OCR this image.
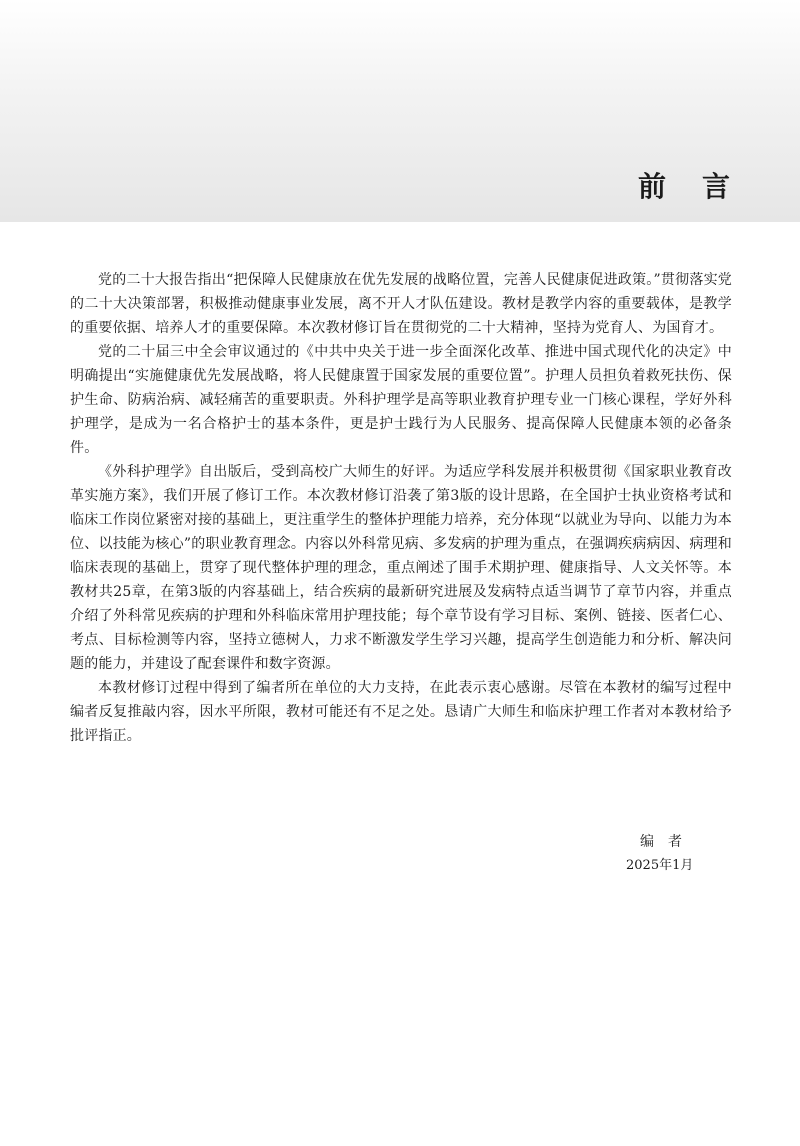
前言

党的二十大报告指出“把保障人民健康放在优先发展的战略位置，完善人民健康促进政策。”贯彻落实党的二十大决策部署，积极推动健康事业发展，离不开人才队伍建设。教材是教学内容的重要载体，是教学的重要依据、培养人才的重要保障。本次教材修订旨在贯彻党的二十大精神，坚持为党育人、为国育才。

党的二十届三中全会审议通过的《中共中央关于进一步全面深化改革、推进中国式现代化的决定》中明确提出“实施健康优先发展战略，将人民健康置于国家发展的重要位置”。护理人员担负着救死扶伤、保护生命、防病治病、减轻痛苦的重要职责。外科护理学是高等职业教育护理专业一门核心课程，学好外科护理学，是成为一名合格护士的基本条件，更是护士践行为人民服务、提高保障人民健康本领的必备条件。

《外科护理学》自出版后，受到高校广大师生的好评。为适应学科发展并积极贯彻《国家职业教育改革实施方案》，我们开展了修订工作。本次教材修订沿袭了第3版的设计思路，在全国护士执业资格考试和临床工作岗位紧密对接的基础上，更注重学生的整体护理能力培养，充分体现“以就业为导向、以能力为本位、以技能为核心”的职业教育理念。内容以外科常见病、多发病的护理为重点，在强调疾病病因、病理和临床表现的基础上，贯穿了现代整体护理的理念，重点阐述了围手术期护理、健康指导、人文关怀等。本教材共25章，在第3版的内容基础上，结合疾病的最新研究进展及发病特点适当调节了章节内容，并重点介绍了外科常见疾病的护理和外科临床常用护理技能；每个章节设有学习目标、案例、链接、医者仁心、考点、目标检测等内容，坚持立德树人，力求不断激发学生学习兴趣，提高学生创造能力和分析、解决问题的能力，并建设了配套课件和数字资源。

本教材修订过程中得到了编者所在单位的大力支持，在此表示衷心感谢。尽管在本教材的编写过程中编者反复推敲内容，因水平所限，教材可能还有不足之处。恳请广大师生和临床护理工作者对本教材给予批评指正。

编者
2025年1月
